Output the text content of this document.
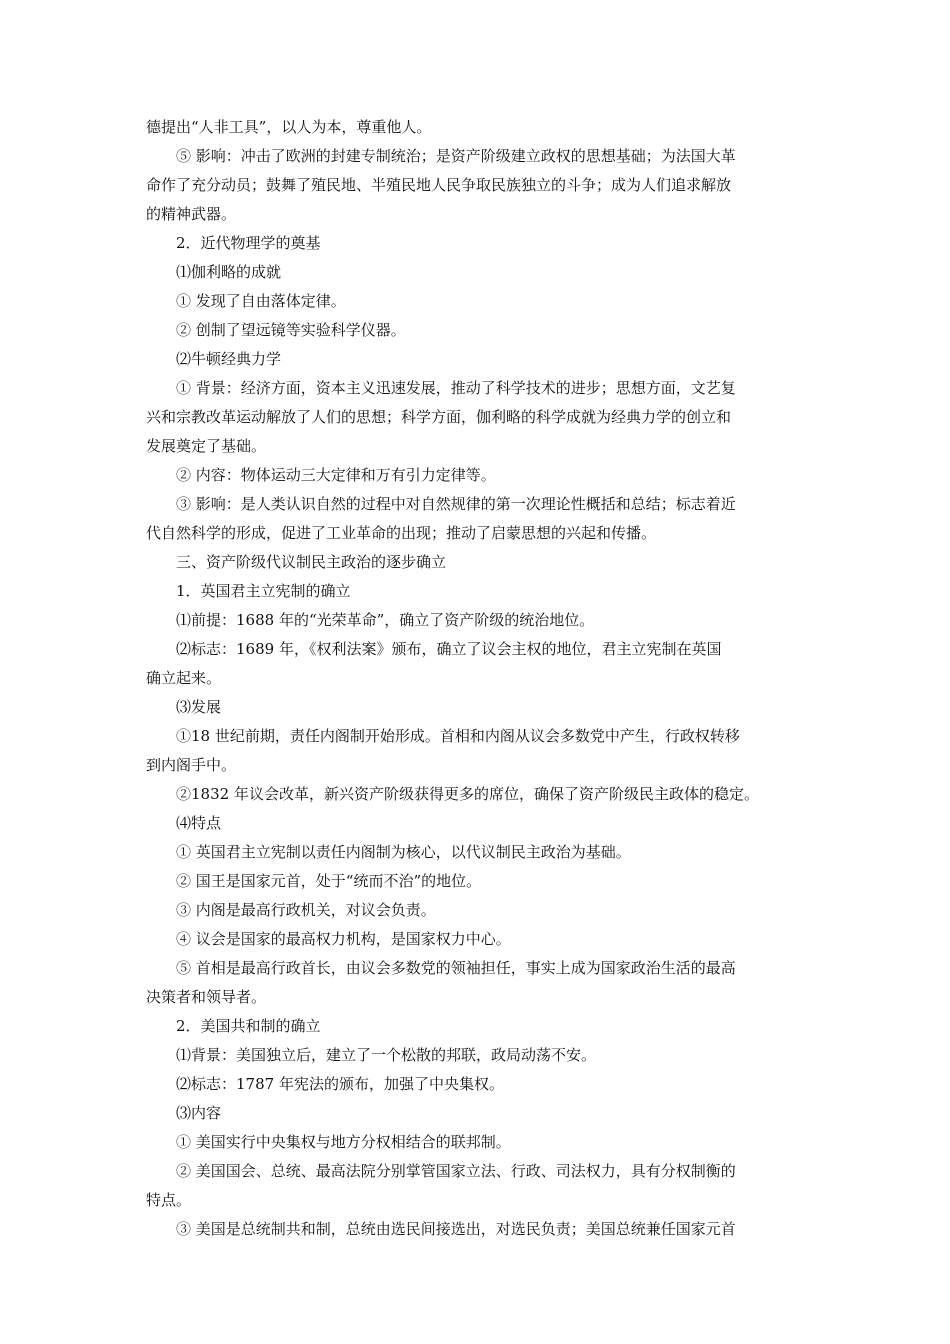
德提出“人非工具”，以人为本，尊重他人。
⑤ 影响：冲击了欧洲的封建专制统治；是资产阶级建立政权的思想基础；为法国大革
命作了充分动员；鼓舞了殖民地、半殖民地人民争取民族独立的斗争；成为人们追求解放
的精神武器。
2．近代物理学的奠基
⑴伽利略的成就
① 发现了自由落体定律。
② 创制了望远镜等实验科学仪器。
⑵牛顿经典力学
① 背景：经济方面，资本主义迅速发展，推动了科学技术的进步；思想方面，文艺复
兴和宗教改革运动解放了人们的思想；科学方面，伽利略的科学成就为经典力学的创立和
发展奠定了基础。
② 内容：物体运动三大定律和万有引力定律等。
③ 影响：是人类认识自然的过程中对自然规律的第一次理论性概括和总结；标志着近
代自然科学的形成，促进了工业革命的出现；推动了启蒙思想的兴起和传播。
三、资产阶级代议制民主政治的逐步确立
1．英国君主立宪制的确立
⑴前提：1688 年的“光荣革命”，确立了资产阶级的统治地位。
⑵标志：1689 年，《权利法案》颁布，确立了议会主权的地位，君主立宪制在英国
确立起来。
⑶发展
①18 世纪前期，责任内阁制开始形成。首相和内阁从议会多数党中产生，行政权转移
到内阁手中。
②1832 年议会改革，新兴资产阶级获得更多的席位，确保了资产阶级民主政体的稳定。
⑷特点
① 英国君主立宪制以责任内阁制为核心，以代议制民主政治为基础。
② 国王是国家元首，处于“统而不治”的地位。
③ 内阁是最高行政机关，对议会负责。
④ 议会是国家的最高权力机构，是国家权力中心。
⑤ 首相是最高行政首长，由议会多数党的领袖担任，事实上成为国家政治生活的最高
决策者和领导者。
2．美国共和制的确立
⑴背景：美国独立后，建立了一个松散的邦联，政局动荡不安。
⑵标志：1787 年宪法的颁布，加强了中央集权。
⑶内容
① 美国实行中央集权与地方分权相结合的联邦制。
② 美国国会、总统、最高法院分别掌管国家立法、行政、司法权力，具有分权制衡的
特点。
③ 美国是总统制共和制，总统由选民间接选出，对选民负责；美国总统兼任国家元首
